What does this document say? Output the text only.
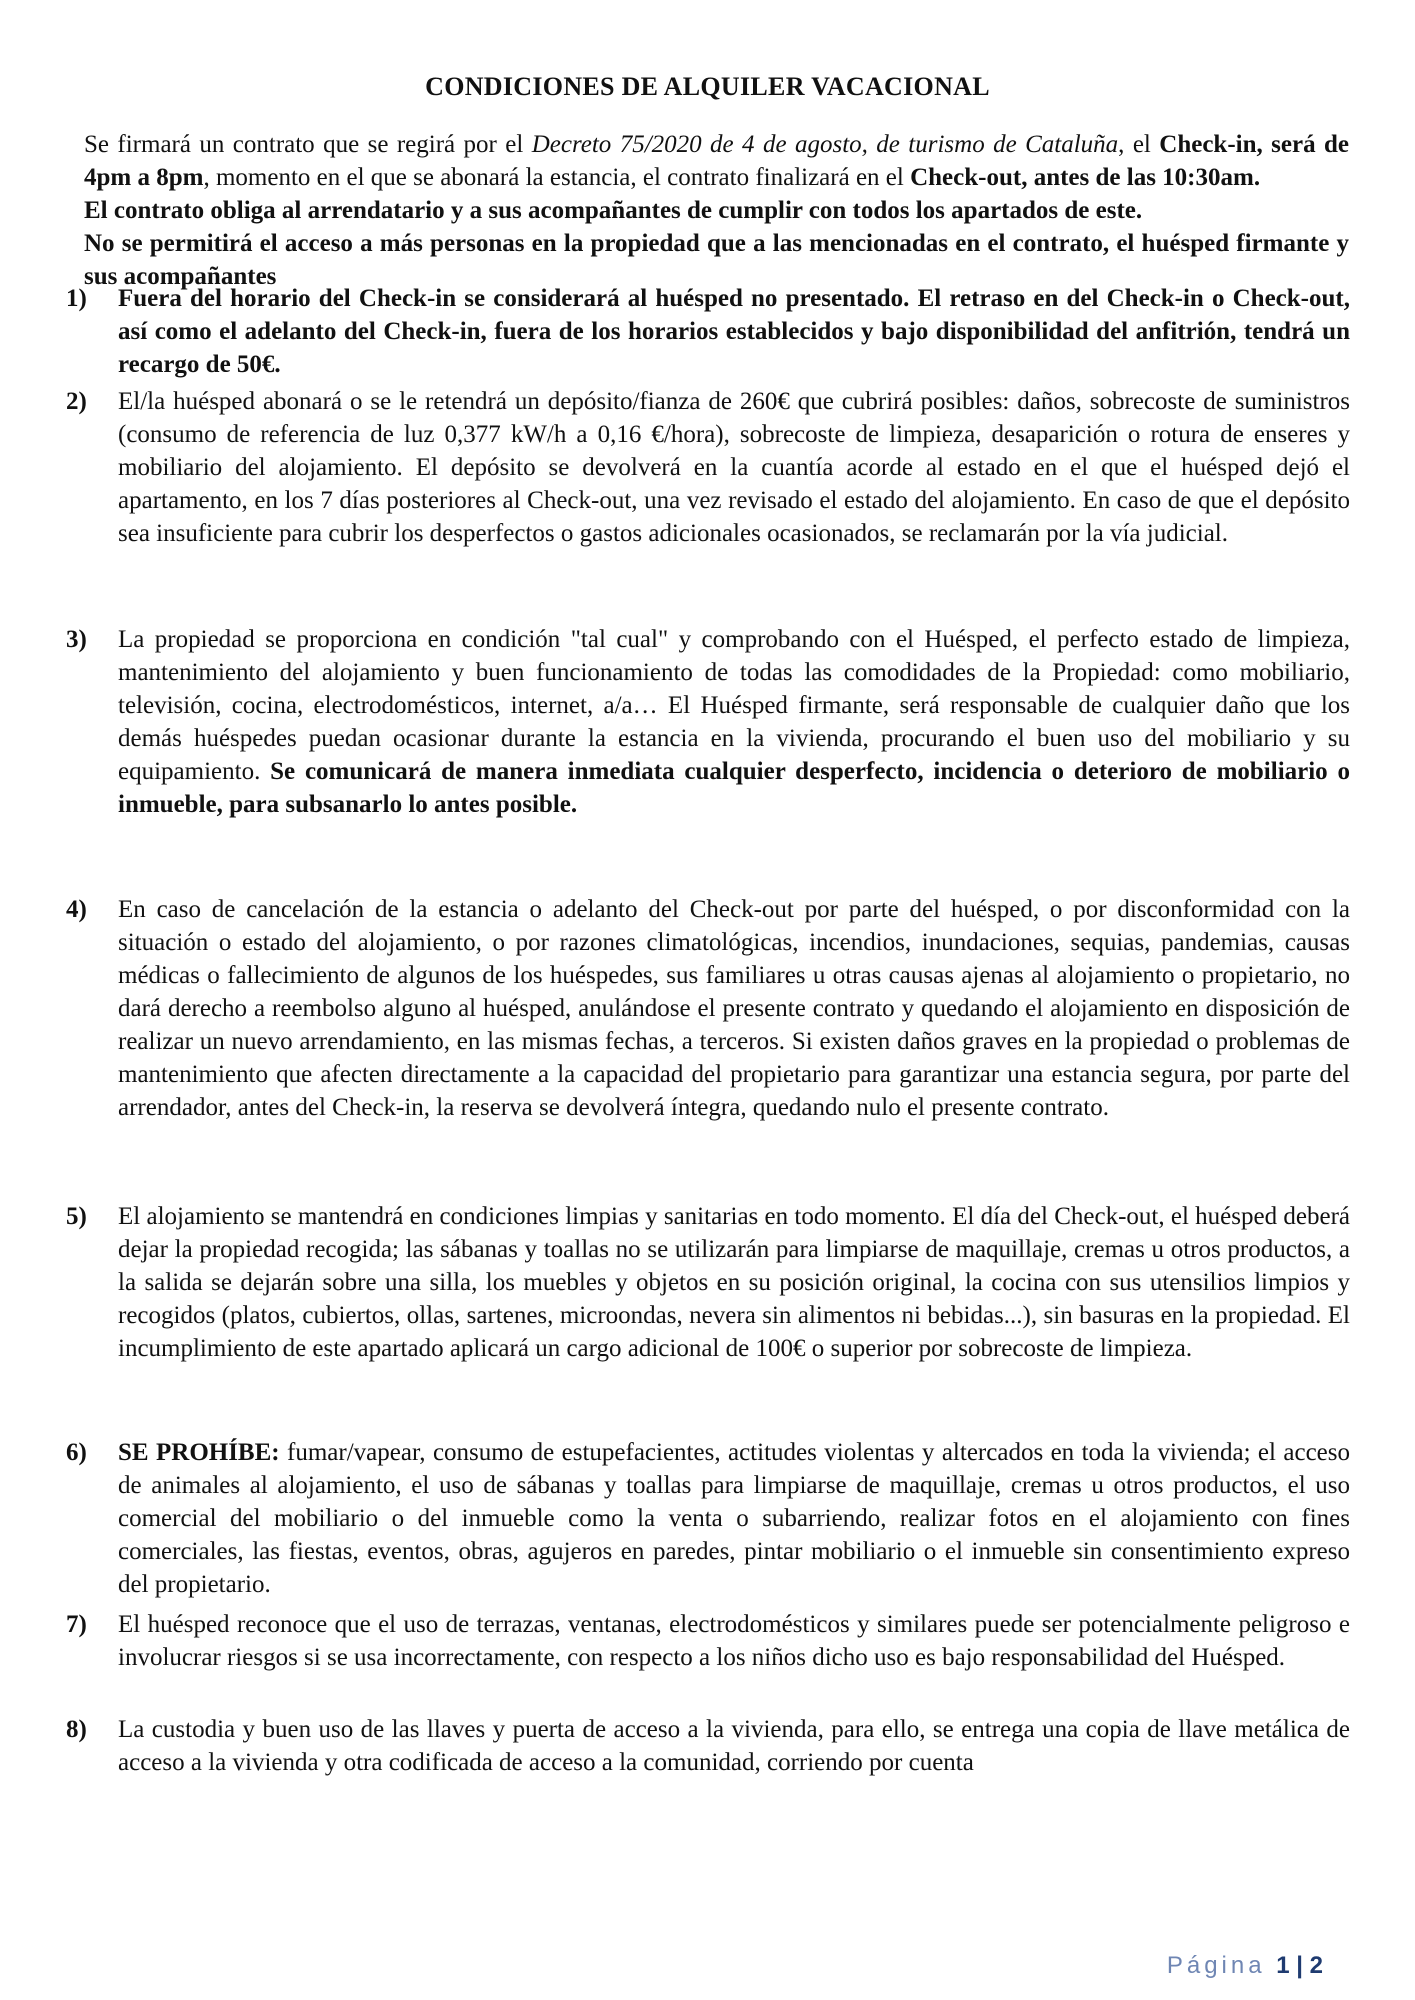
CONDICIONES DE ALQUILER VACACIONAL

Se firmará un contrato que se regirá por el Decreto 75/2020 de 4 de agosto, de turismo de Cataluña, el Check-in, será de 4pm a 8pm, momento en el que se abonará la estancia, el contrato finalizará en el Check-out, antes de las 10:30am.

El contrato obliga al arrendatario y a sus acompañantes de cumplir con todos los apartados de este.

No se permitirá el acceso a más personas en la propiedad que a las mencionadas en el contrato, el huésped firmante y sus acompañantes

1) Fuera del horario del Check-in se considerará al huésped no presentado. El retraso en del Check-in o Check-out, así como el adelanto del Check-in, fuera de los horarios establecidos y bajo disponibilidad del anfitrión, tendrá un recargo de 50€.
2) El/la huésped abonará o se le retendrá un depósito/fianza de 260€ que cubrirá posibles: daños, sobrecoste de suministros (consumo de referencia de luz 0,377 kW/h a 0,16 €/hora), sobrecoste de limpieza, desaparición o rotura de enseres y mobiliario del alojamiento. El depósito se devolverá en la cuantía acorde al estado en el que el huésped dejó el apartamento, en los 7 días posteriores al Check-out, una vez revisado el estado del alojamiento. En caso de que el depósito sea insuficiente para cubrir los desperfectos o gastos adicionales ocasionados, se reclamarán por la vía judicial.
3) La propiedad se proporciona en condición "tal cual" y comprobando con el Huésped, el perfecto estado de limpieza, mantenimiento del alojamiento y buen funcionamiento de todas las comodidades de la Propiedad: como mobiliario, televisión, cocina, electrodomésticos, internet, a/a… El Huésped firmante, será responsable de cualquier daño que los demás huéspedes puedan ocasionar durante la estancia en la vivienda, procurando el buen uso del mobiliario y su equipamiento. Se comunicará de manera inmediata cualquier desperfecto, incidencia o deterioro de mobiliario o inmueble, para subsanarlo lo antes posible.
4) En caso de cancelación de la estancia o adelanto del Check-out por parte del huésped, o por disconformidad con la situación o estado del alojamiento, o por razones climatológicas, incendios, inundaciones, sequias, pandemias, causas médicas o fallecimiento de algunos de los huéspedes, sus familiares u otras causas ajenas al alojamiento o propietario, no dará derecho a reembolso alguno al huésped, anulándose el presente contrato y quedando el alojamiento en disposición de realizar un nuevo arrendamiento, en las mismas fechas, a terceros. Si existen daños graves en la propiedad o problemas de mantenimiento que afecten directamente a la capacidad del propietario para garantizar una estancia segura, por parte del arrendador, antes del Check-in, la reserva se devolverá íntegra, quedando nulo el presente contrato.
5) El alojamiento se mantendrá en condiciones limpias y sanitarias en todo momento. El día del Check-out, el huésped deberá dejar la propiedad recogida; las sábanas y toallas no se utilizarán para limpiarse de maquillaje, cremas u otros productos, a la salida se dejarán sobre una silla, los muebles y objetos en su posición original, la cocina con sus utensilios limpios y recogidos (platos, cubiertos, ollas, sartenes, microondas, nevera sin alimentos ni bebidas...), sin basuras en la propiedad. El incumplimiento de este apartado aplicará un cargo adicional de 100€ o superior por sobrecoste de limpieza.
6) SE PROHÍBE: fumar/vapear, consumo de estupefacientes, actitudes violentas y altercados en toda la vivienda; el acceso de animales al alojamiento, el uso de sábanas y toallas para limpiarse de maquillaje, cremas u otros productos, el uso comercial del mobiliario o del inmueble como la venta o subarriendo, realizar fotos en el alojamiento con fines comerciales, las fiestas, eventos, obras, agujeros en paredes, pintar mobiliario o el inmueble sin consentimiento expreso del propietario.
7) El huésped reconoce que el uso de terrazas, ventanas, electrodomésticos y similares puede ser potencialmente peligroso e involucrar riesgos si se usa incorrectamente, con respecto a los niños dicho uso es bajo responsabilidad del Huésped.
8) La custodia y buen uso de las llaves y puerta de acceso a la vivienda, para ello, se entrega una copia de llave metálica de acceso a la vivienda y otra codificada de acceso a la comunidad, corriendo por cuenta
Página 1 | 2
